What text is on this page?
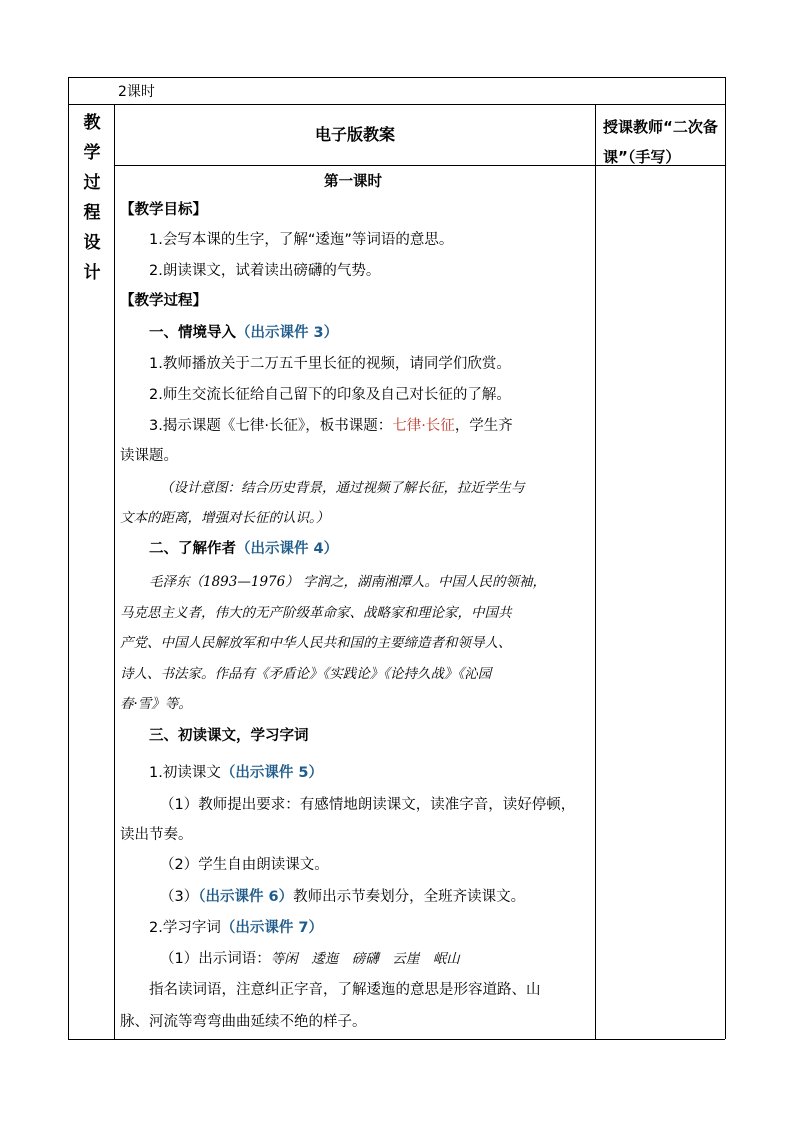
2课时
教
学
过
程
设
计
电子版教案	授课教师“二次备课”（手写）
第一课时
【教学目标】
1.会写本课的生字，了解“逶迤”等词语的意思。
2.朗读课文，试着读出磅礴的气势。
【教学过程】
一、情境导入（出示课件 3）
1.教师播放关于二万五千里长征的视频，请同学们欣赏。
2.师生交流长征给自己留下的印象及自己对长征的了解。
3.揭示课题《七律·长征》，板书课题：七律·长征，学生齐
读课题。
（设计意图：结合历史背景，通过视频了解长征，拉近学生与
文本的距离，增强对长征的认识。）
二、了解作者（出示课件 4）
毛泽东（1893—1976） 字润之，湖南湘潭人。中国人民的领袖，
马克思主义者，伟大的无产阶级革命家、战略家和理论家，中国共
产党、中国人民解放军和中华人民共和国的主要缔造者和领导人、
诗人、书法家。作品有《矛盾论》《实践论》《论持久战》《沁园
春·雪》等。
三、初读课文，学习字词
1.初读课文（出示课件 5）
（1）教师提出要求：有感情地朗读课文，读准字音，读好停顿，
读出节奏。
（2）学生自由朗读课文。
（3）（出示课件 6）教师出示节奏划分，全班齐读课文。
2.学习字词（出示课件 7）
（1）出示词语：等闲　逶迤　磅礴　云崖　岷山
指名读词语，注意纠正字音，了解逶迤的意思是形容道路、山
脉、河流等弯弯曲曲延续不绝的样子。
